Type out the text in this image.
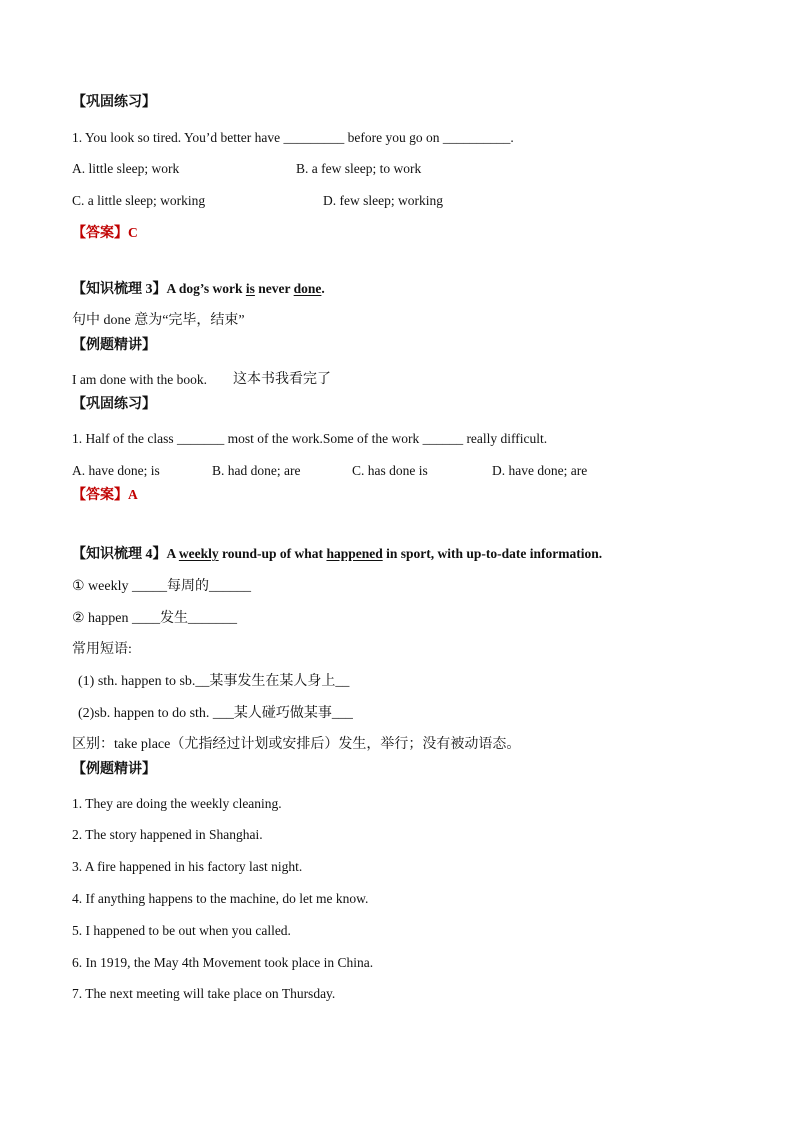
【巩固练习】
1. You look so tired. You’d better have _________ before you go on __________.
A. little sleep; work	B. a few sleep; to work
C. a little sleep; working	D. few sleep; working
【答案】C
【知识梳理 3】A dog’s work is never done.
句中 done 意为“完毕，结束”
【例题精讲】
I am done with the book. 这本书我看完了
【巩固练习】
1. Half of the class _______ most of the work.Some of the work ______ really difficult.
A. have done; is	B. had done; are	C. has done is	D. have done; are
【答案】A
【知识梳理 4】A weekly round-up of what happened in sport, with up-to-date information.
① weekly _____每周的______
② happen ____发生_______
常用短语:
(1) sth. happen to sb.__某事发生在某人身上__
(2)sb. happen to do sth. ___某人碰巧做某事___
区别：take place（尤指经过计划或安排后）发生，举行；没有被动语态。
【例题精讲】
1. They are doing the weekly cleaning.
2. The story happened in Shanghai.
3. A fire happened in his factory last night.
4. If anything happens to the machine, do let me know.
5. I happened to be out when you called.
6. In 1919, the May 4th Movement took place in China.
7. The next meeting will take place on Thursday.
